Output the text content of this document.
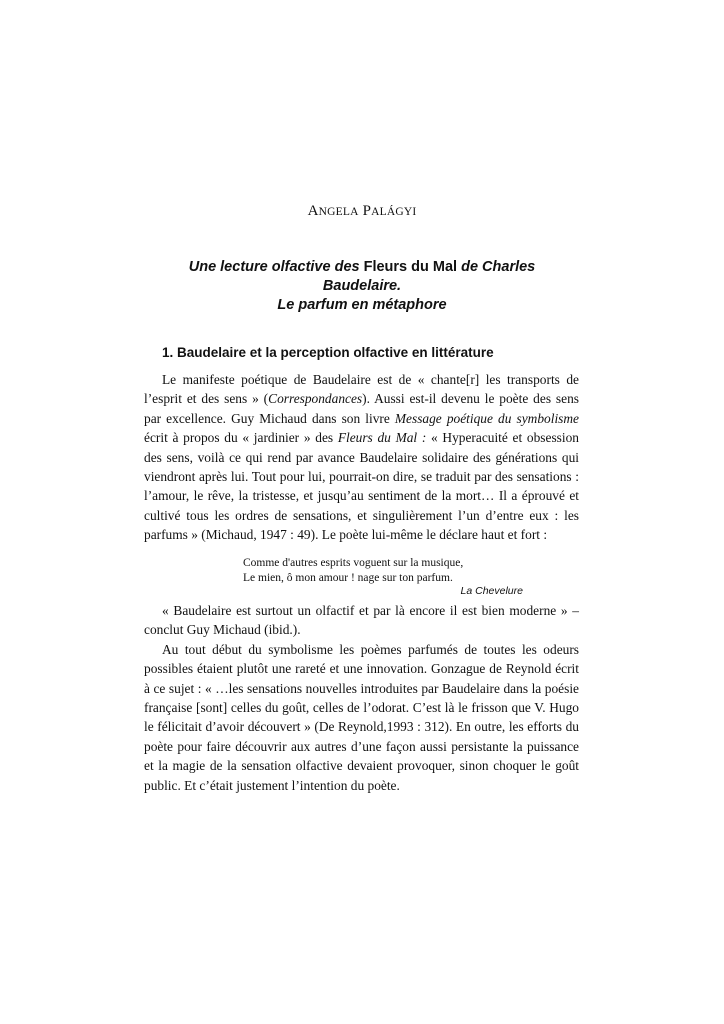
ANGELA PALÁGYI
Une lecture olfactive des Fleurs du Mal de Charles Baudelaire.
Le parfum en métaphore
1. Baudelaire et la perception olfactive en littérature

Le manifeste poétique de Baudelaire est de « chante[r] les transports de l’esprit et des sens » (Correspondances). Aussi est-il devenu le poète des sens par excellence. Guy Michaud dans son livre Message poétique du symbolisme écrit à propos du « jardinier » des Fleurs du Mal : « Hyperacuité et obsession des sens, voilà ce qui rend par avance Baudelaire solidaire des générations qui viendront après lui. Tout pour lui, pourrait-on dire, se traduit par des sensations : l’amour, le rêve, la tristesse, et jusqu’au sentiment de la mort… Il a éprouvé et cultivé tous les ordres de sensations, et singulièrement l’un d’entre eux : les parfums » (Michaud, 1947 : 49). Le poète lui-même le déclare haut et fort :

Comme d'autres esprits voguent sur la musique,
Le mien, ô mon amour ! nage sur ton parfum.
La Chevelure

« Baudelaire est surtout un olfactif et par là encore il est bien moderne » – conclut Guy Michaud (ibid.).

Au tout début du symbolisme les poèmes parfumés de toutes les odeurs possibles étaient plutôt une rareté et une innovation. Gonzague de Reynold écrit à ce sujet : « …les sensations nouvelles introduites par Baudelaire dans la poésie française [sont] celles du goût, celles de l’odorat. C’est là le frisson que V. Hugo le félicitait d’avoir découvert » (De Reynold,1993 : 312). En outre, les efforts du poète pour faire découvrir aux autres d’une façon aussi persistante la puissance et la magie de la sensation olfactive devaient provoquer, sinon choquer le goût public. Et c’était justement l’intention du poète.
